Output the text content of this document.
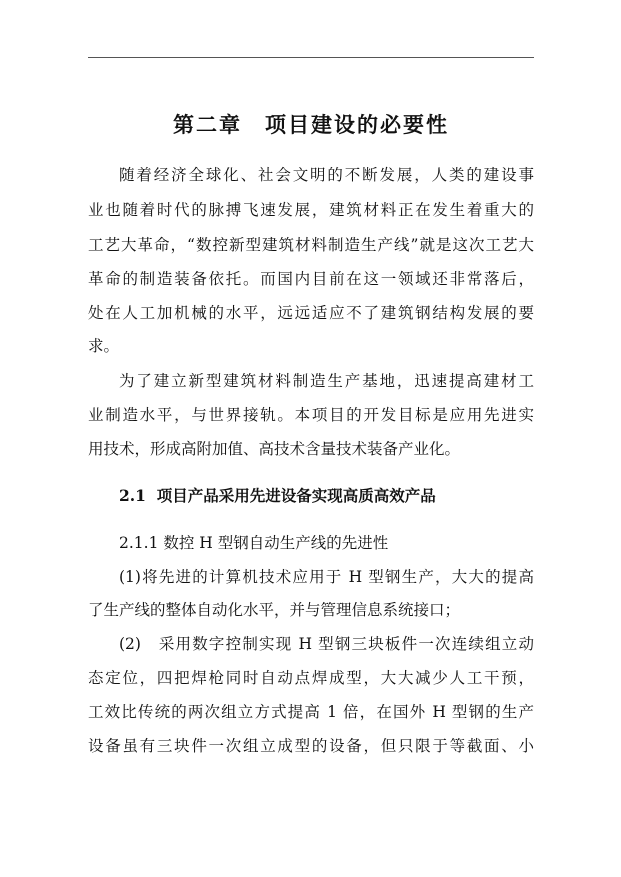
第二章　项目建设的必要性

随着经济全球化、社会文明的不断发展，人类的建设事

业也随着时代的脉搏飞速发展，建筑材料正在发生着重大的

工艺大革命，“数控新型建筑材料制造生产线”就是这次工艺大

革命的制造装备依托。而国内目前在这一领域还非常落后，

处在人工加机械的水平，远远适应不了建筑钢结构发展的要

求。

为了建立新型建筑材料制造生产基地，迅速提高建材工

业制造水平，与世界接轨。本项目的开发目标是应用先进实

用技术，形成高附加值、高技术含量技术装备产业化。

2.1  项目产品采用先进设备实现高质高效产品
2.1.1 数控 H 型钢自动生产线的先进性

(1)将先进的计算机技术应用于 H 型钢生产，大大的提高

了生产线的整体自动化水平，并与管理信息系统接口；

(2)　采用数字控制实现 H 型钢三块板件一次连续组立动

态定位，四把焊枪同时自动点焊成型，大大减少人工干预，

工效比传统的两次组立方式提高 1 倍，在国外 H 型钢的生产

设备虽有三块件一次组立成型的设备，但只限于等截面、小
